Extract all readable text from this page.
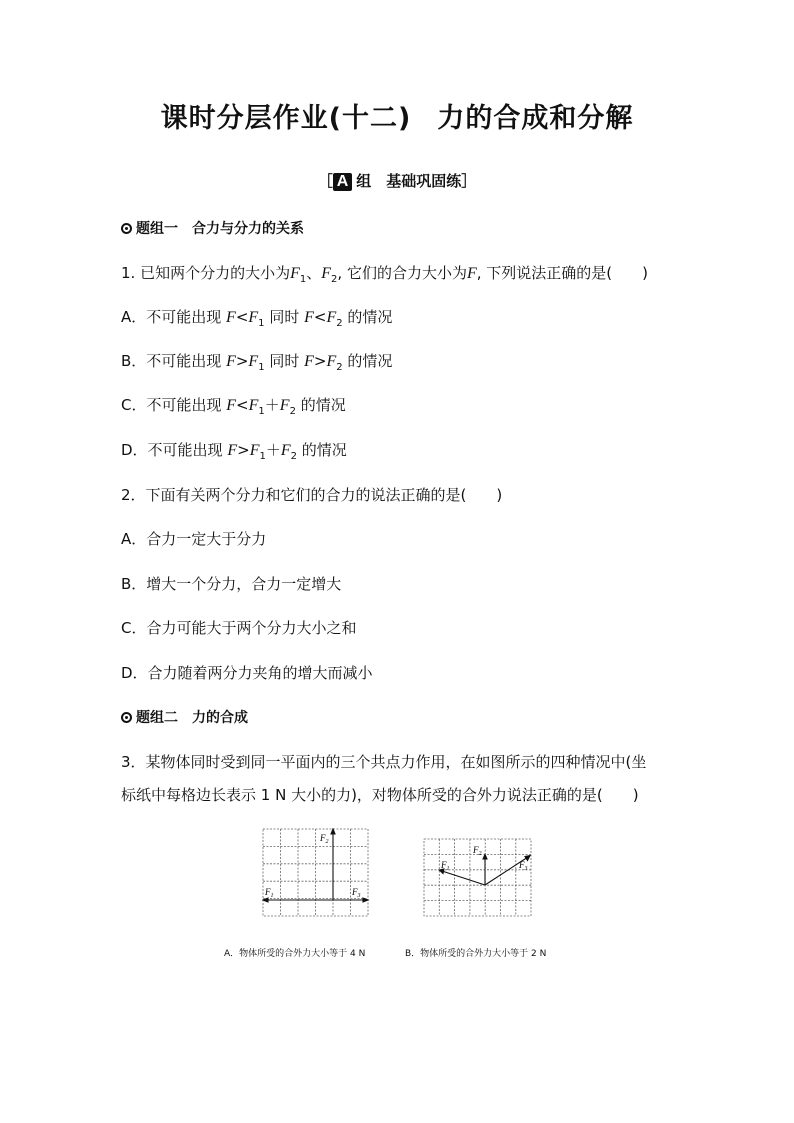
课时分层作业(十二) 力的合成和分解
［ A 组　基础巩固练］
题组一　合力与分力的关系
1. 已知两个分力的大小为$F_1$、$F_2$, 它们的合力大小为F, 下列说法正确的是(　　)
A．不可能出现 $F<F_1$ 同时 $F<F_2$ 的情况
B．不可能出现 $F>F_1$ 同时 $F>F_2$ 的情况
C．不可能出现 $F<F_1+F_2$ 的情况
D．不可能出现 $F>F_1+F_2$ 的情况
2．下面有关两个分力和它们的合力的说法正确的是(　　)
A．合力一定大于分力
B．增大一个分力，合力一定增大
C．合力可能大于两个分力大小之和
D．合力随着两分力夹角的增大而减小
题组二　力的合成
3．某物体同时受到同一平面内的三个共点力作用，在如图所示的四种情况中(坐
标纸中每格边长表示 1 N 大小的力)，对物体所受的合外力说法正确的是(　　)
$F_2$
$F_1$	$F_3$
$F_1$
$F_2$
$F_3$
A．物体所受的合外力大小等于 4 N	B．物体所受的合外力大小等于 2 N
